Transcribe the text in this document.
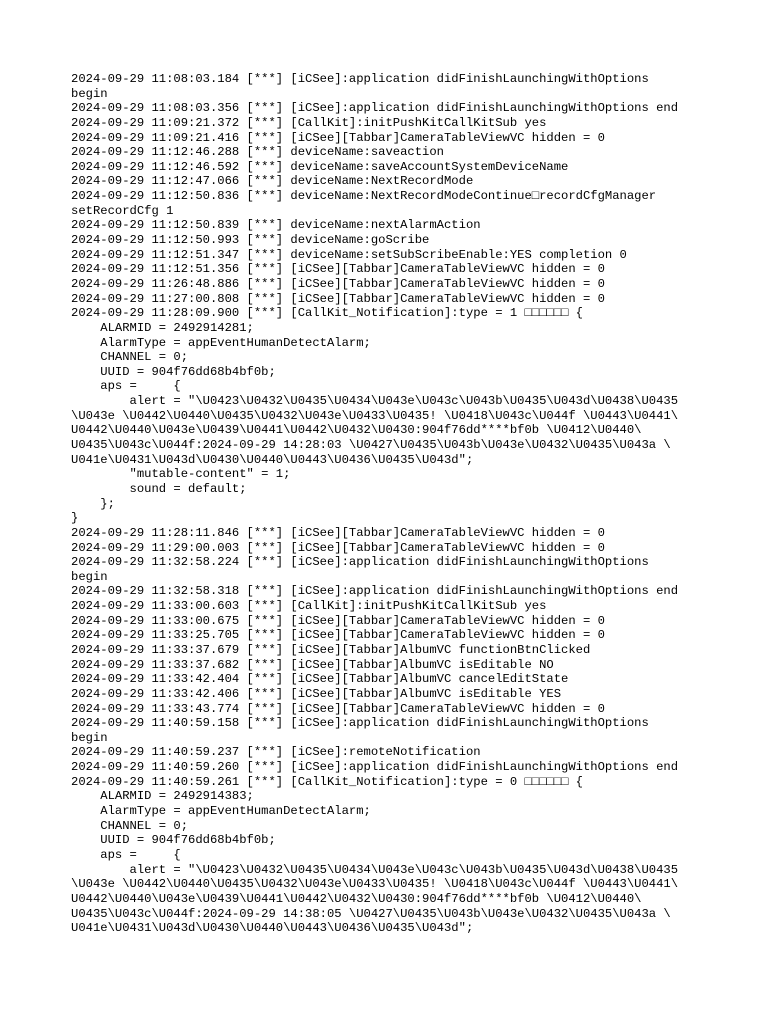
2024-09-29 11:08:03.184 [***] [iCSee]:application didFinishLaunchingWithOptions
begin
2024-09-29 11:08:03.356 [***] [iCSee]:application didFinishLaunchingWithOptions end
2024-09-29 11:09:21.372 [***] [CallKit]:initPushKitCallKitSub yes
2024-09-29 11:09:21.416 [***] [iCSee][Tabbar]CameraTableViewVC hidden = 0
2024-09-29 11:12:46.288 [***] deviceName:saveaction
2024-09-29 11:12:46.592 [***] deviceName:saveAccountSystemDeviceName
2024-09-29 11:12:47.066 [***] deviceName:NextRecordMode
2024-09-29 11:12:50.836 [***] deviceName:NextRecordModeContinue□recordCfgManager
setRecordCfg 1
2024-09-29 11:12:50.839 [***] deviceName:nextAlarmAction
2024-09-29 11:12:50.993 [***] deviceName:goScribe
2024-09-29 11:12:51.347 [***] deviceName:setSubScribeEnable:YES completion 0
2024-09-29 11:12:51.356 [***] [iCSee][Tabbar]CameraTableViewVC hidden = 0
2024-09-29 11:26:48.886 [***] [iCSee][Tabbar]CameraTableViewVC hidden = 0
2024-09-29 11:27:00.808 [***] [iCSee][Tabbar]CameraTableViewVC hidden = 0
2024-09-29 11:28:09.900 [***] [CallKit_Notification]:type = 1 □□□□□□ {
ALARMID = 2492914281;
AlarmType = appEventHumanDetectAlarm;
CHANNEL = 0;
UUID = 904f76dd68b4bf0b;
aps =     {
alert = "\U0423\U0432\U0435\U0434\U043e\U043c\U043b\U0435\U043d\U0438\U0435
\U043e \U0442\U0440\U0435\U0432\U043e\U0433\U0435! \U0418\U043c\U044f \U0443\U0441\
U0442\U0440\U043e\U0439\U0441\U0442\U0432\U0430:904f76dd****bf0b \U0412\U0440\
U0435\U043c\U044f:2024-09-29 14:28:03 \U0427\U0435\U043b\U043e\U0432\U0435\U043a \
U041e\U0431\U043d\U0430\U0440\U0443\U0436\U0435\U043d";
"mutable-content" = 1;
sound = default;
};
}
2024-09-29 11:28:11.846 [***] [iCSee][Tabbar]CameraTableViewVC hidden = 0
2024-09-29 11:29:00.003 [***] [iCSee][Tabbar]CameraTableViewVC hidden = 0
2024-09-29 11:32:58.224 [***] [iCSee]:application didFinishLaunchingWithOptions
begin
2024-09-29 11:32:58.318 [***] [iCSee]:application didFinishLaunchingWithOptions end
2024-09-29 11:33:00.603 [***] [CallKit]:initPushKitCallKitSub yes
2024-09-29 11:33:00.675 [***] [iCSee][Tabbar]CameraTableViewVC hidden = 0
2024-09-29 11:33:25.705 [***] [iCSee][Tabbar]CameraTableViewVC hidden = 0
2024-09-29 11:33:37.679 [***] [iCSee][Tabbar]AlbumVC functionBtnClicked
2024-09-29 11:33:37.682 [***] [iCSee][Tabbar]AlbumVC isEditable NO
2024-09-29 11:33:42.404 [***] [iCSee][Tabbar]AlbumVC cancelEditState
2024-09-29 11:33:42.406 [***] [iCSee][Tabbar]AlbumVC isEditable YES
2024-09-29 11:33:43.774 [***] [iCSee][Tabbar]CameraTableViewVC hidden = 0
2024-09-29 11:40:59.158 [***] [iCSee]:application didFinishLaunchingWithOptions
begin
2024-09-29 11:40:59.237 [***] [iCSee]:remoteNotification
2024-09-29 11:40:59.260 [***] [iCSee]:application didFinishLaunchingWithOptions end
2024-09-29 11:40:59.261 [***] [CallKit_Notification]:type = 0 □□□□□□ {
ALARMID = 2492914383;
AlarmType = appEventHumanDetectAlarm;
CHANNEL = 0;
UUID = 904f76dd68b4bf0b;
aps =     {
alert = "\U0423\U0432\U0435\U0434\U043e\U043c\U043b\U0435\U043d\U0438\U0435
\U043e \U0442\U0440\U0435\U0432\U043e\U0433\U0435! \U0418\U043c\U044f \U0443\U0441\
U0442\U0440\U043e\U0439\U0441\U0442\U0432\U0430:904f76dd****bf0b \U0412\U0440\
U0435\U043c\U044f:2024-09-29 14:38:05 \U0427\U0435\U043b\U043e\U0432\U0435\U043a \
U041e\U0431\U043d\U0430\U0440\U0443\U0436\U0435\U043d";
